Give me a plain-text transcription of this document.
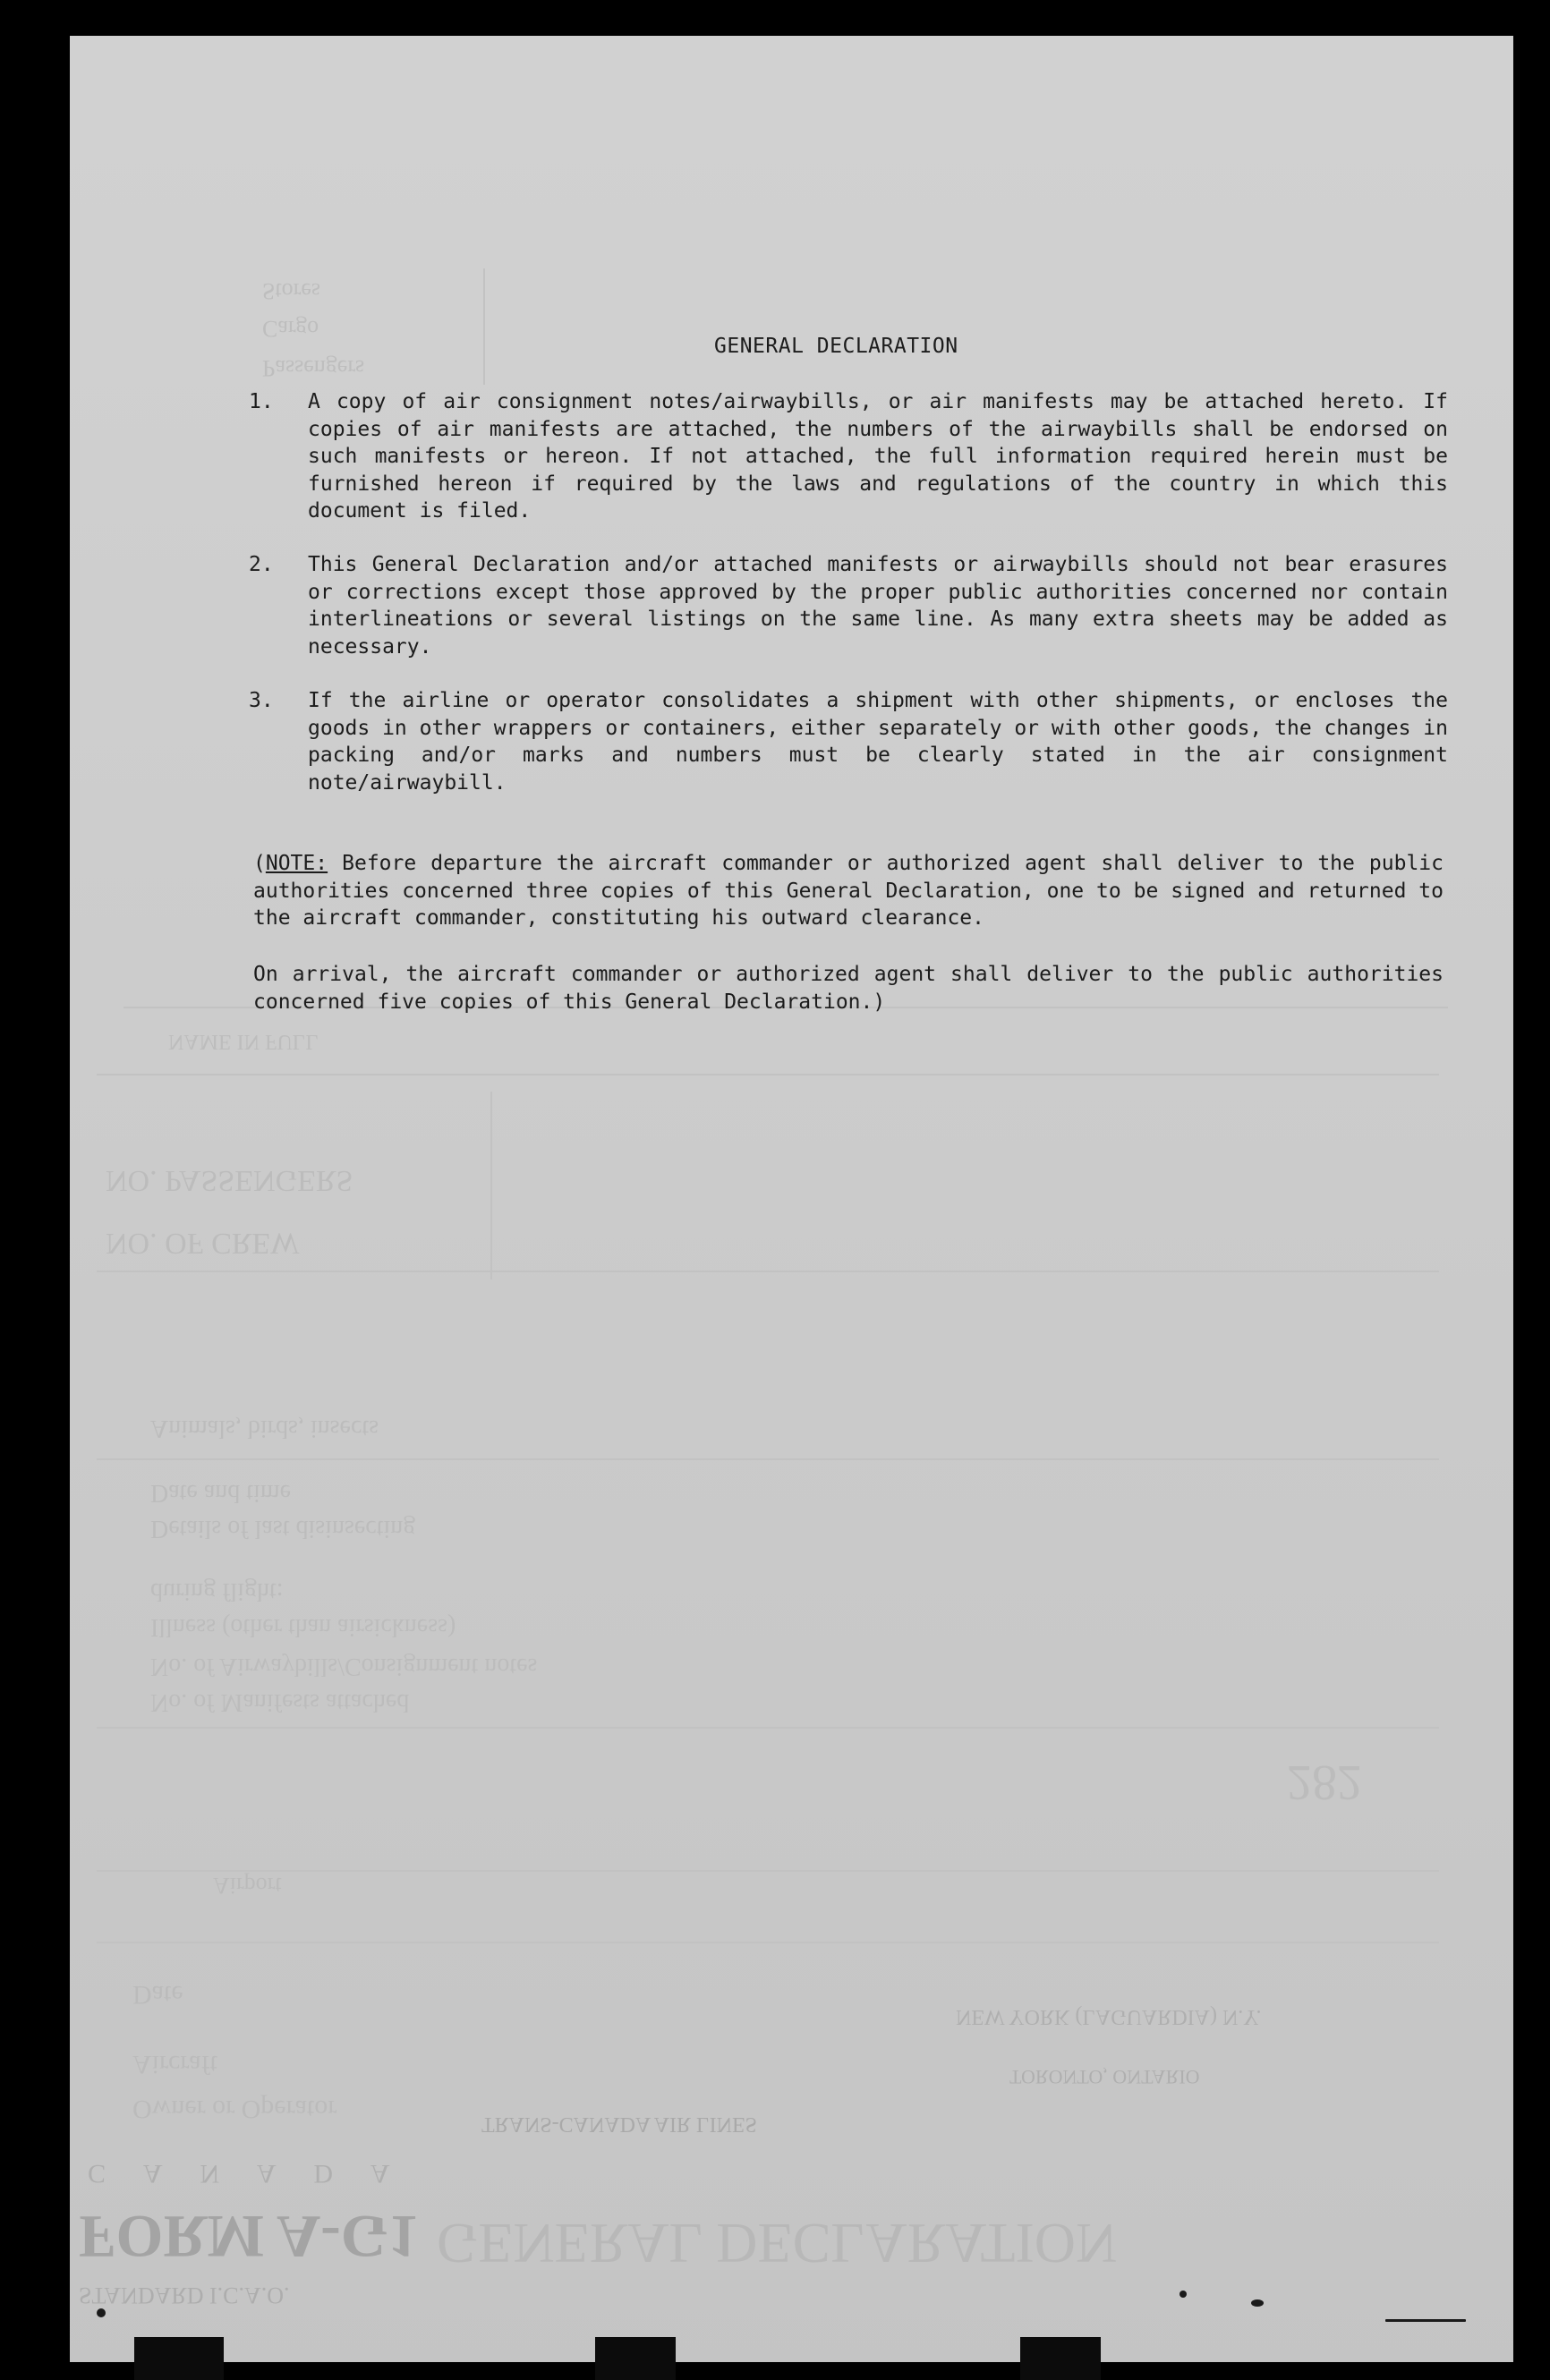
Stores
Cargo
Passengers
NAME IN FULL
NO. PASSENGERS
NO. OF CREW
Animals, birds, insects
Date and time
Details of last disinsecting
during flight:
Illness (other than airsickness)
No. of Airwaybills/Consignment notes
No. of Manifests attached
282
Airport
Date
NEW YORK (LAGUARDIA) N.Y.
Aircraft	TORONTO, ONTARIO
Owner or Operator	TRANS-CANADA AIR LINES
C A N A D A
FORM A-G1 GENERAL DECLARATION
STANDARD I.C.A.O.
GENERAL DECLARATION
1. A copy of air consignment notes/airwaybills, or air manifests may be attached hereto. If copies of air manifests are attached, the numbers of the airwaybills shall be endorsed on such manifests or hereon. If not attached, the full information required herein must be furnished hereon if required by the laws and regulations of the country in which this document is filed.
2. This General Declaration and/or attached manifests or airwaybills should not bear erasures or corrections except those approved by the proper public authorities concerned nor contain interlineations or several listings on the same line. As many extra sheets may be added as necessary.
3. If the airline or operator consolidates a shipment with other shipments, or encloses the goods in other wrappers or containers, either separately or with other goods, the changes in packing and/or marks and numbers must be clearly stated in the air consignment note/airwaybill.
(NOTE: Before departure the aircraft commander or authorized agent shall deliver to the public authorities concerned three copies of this General Declaration, one to be signed and returned to the aircraft commander, constituting his outward clearance.
On arrival, the aircraft commander or authorized agent shall deliver to the public authorities concerned five copies of this General Declaration.)
